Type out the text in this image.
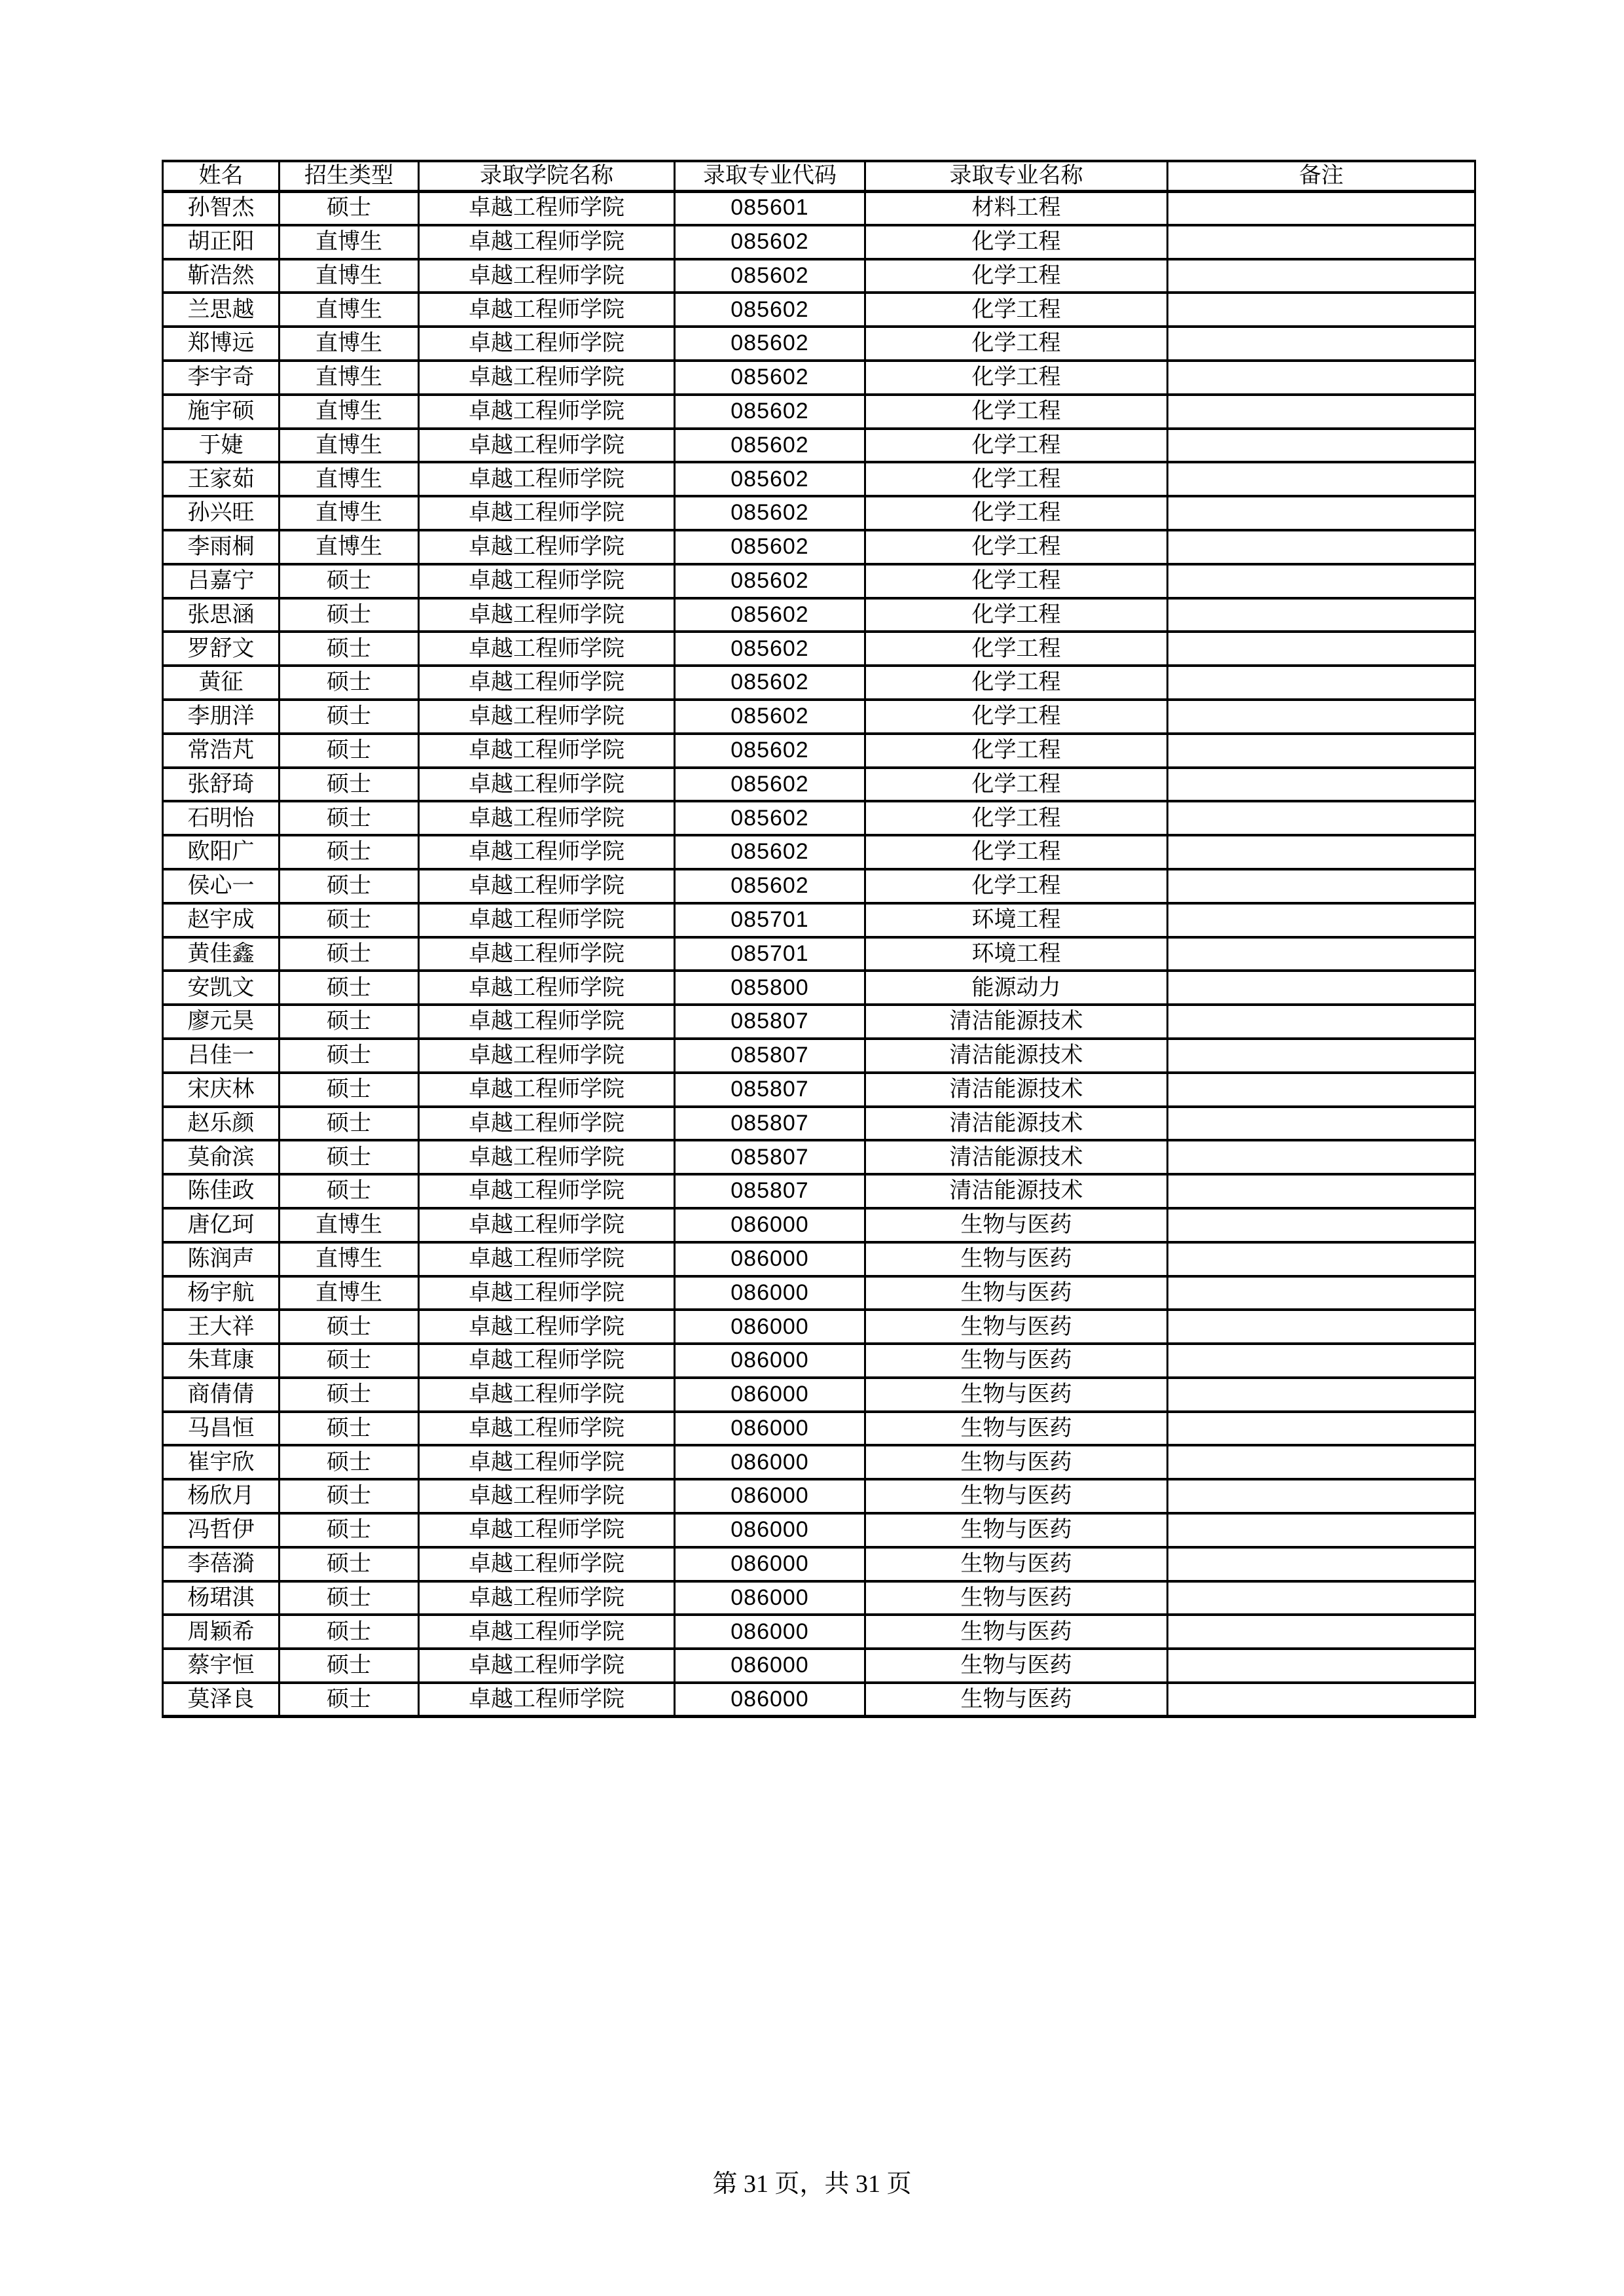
姓名	招生类型	录取学院名称	录取专业代码	录取专业名称	备注
孙智杰	硕士	卓越工程师学院	085601	材料工程	
胡正阳	直博生	卓越工程师学院	085602	化学工程	
靳浩然	直博生	卓越工程师学院	085602	化学工程	
兰思越	直博生	卓越工程师学院	085602	化学工程	
郑博远	直博生	卓越工程师学院	085602	化学工程	
李宇奇	直博生	卓越工程师学院	085602	化学工程	
施宇硕	直博生	卓越工程师学院	085602	化学工程	
于婕	直博生	卓越工程师学院	085602	化学工程	
王家茹	直博生	卓越工程师学院	085602	化学工程	
孙兴旺	直博生	卓越工程师学院	085602	化学工程	
李雨桐	直博生	卓越工程师学院	085602	化学工程	
吕嘉宁	硕士	卓越工程师学院	085602	化学工程	
张思涵	硕士	卓越工程师学院	085602	化学工程	
罗舒文	硕士	卓越工程师学院	085602	化学工程	
黄征	硕士	卓越工程师学院	085602	化学工程	
李朋洋	硕士	卓越工程师学院	085602	化学工程	
常浩芃	硕士	卓越工程师学院	085602	化学工程	
张舒琦	硕士	卓越工程师学院	085602	化学工程	
石明怡	硕士	卓越工程师学院	085602	化学工程	
欧阳广	硕士	卓越工程师学院	085602	化学工程	
侯心一	硕士	卓越工程师学院	085602	化学工程	
赵宇成	硕士	卓越工程师学院	085701	环境工程	
黄佳鑫	硕士	卓越工程师学院	085701	环境工程	
安凯文	硕士	卓越工程师学院	085800	能源动力	
廖元昊	硕士	卓越工程师学院	085807	清洁能源技术	
吕佳一	硕士	卓越工程师学院	085807	清洁能源技术	
宋庆林	硕士	卓越工程师学院	085807	清洁能源技术	
赵乐颜	硕士	卓越工程师学院	085807	清洁能源技术	
莫俞滨	硕士	卓越工程师学院	085807	清洁能源技术	
陈佳政	硕士	卓越工程师学院	085807	清洁能源技术	
唐亿珂	直博生	卓越工程师学院	086000	生物与医药	
陈润声	直博生	卓越工程师学院	086000	生物与医药	
杨宇航	直博生	卓越工程师学院	086000	生物与医药	
王大祥	硕士	卓越工程师学院	086000	生物与医药	
朱茸康	硕士	卓越工程师学院	086000	生物与医药	
商倩倩	硕士	卓越工程师学院	086000	生物与医药	
马昌恒	硕士	卓越工程师学院	086000	生物与医药	
崔宇欣	硕士	卓越工程师学院	086000	生物与医药	
杨欣月	硕士	卓越工程师学院	086000	生物与医药	
冯哲伊	硕士	卓越工程师学院	086000	生物与医药	
李蓓漪	硕士	卓越工程师学院	086000	生物与医药	
杨珺淇	硕士	卓越工程师学院	086000	生物与医药	
周颖希	硕士	卓越工程师学院	086000	生物与医药	
蔡宇恒	硕士	卓越工程师学院	086000	生物与医药	
莫泽良	硕士	卓越工程师学院	086000	生物与医药	
第 31 页，共 31 页
